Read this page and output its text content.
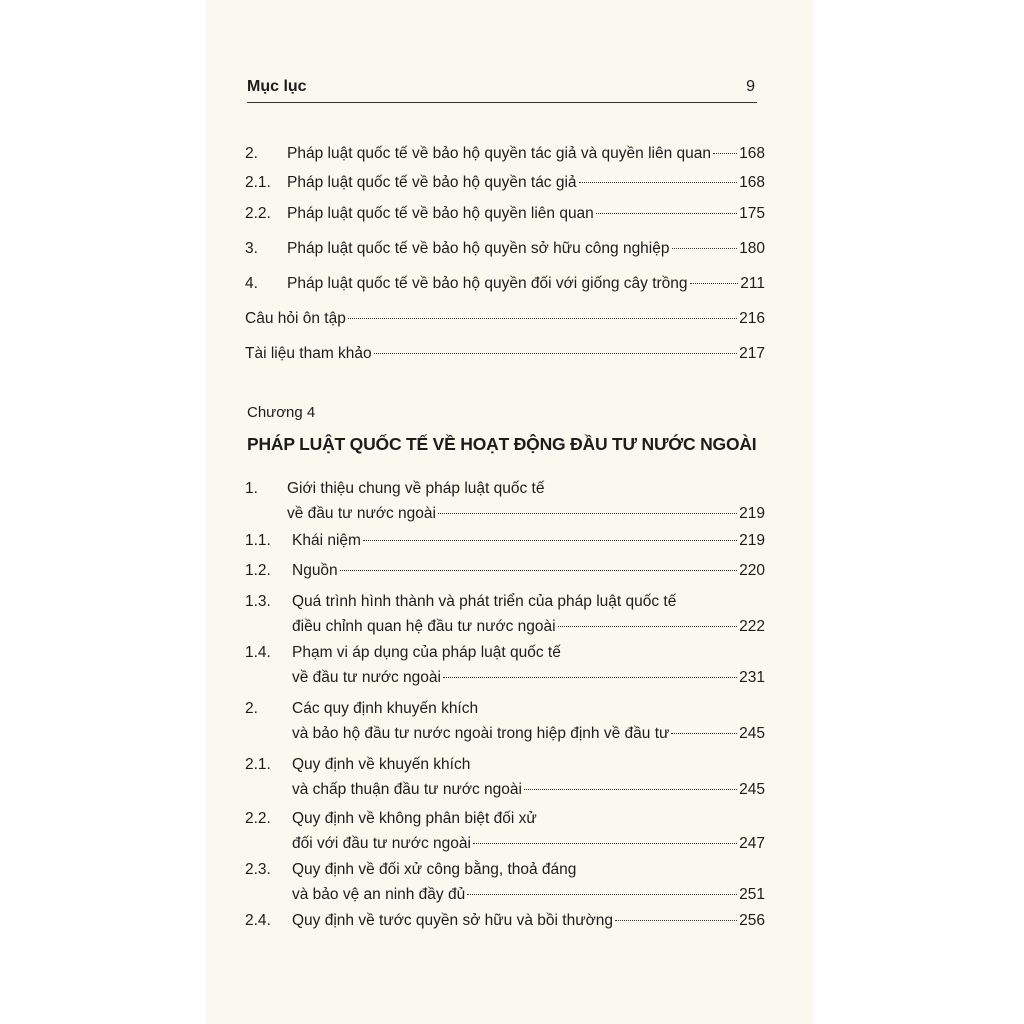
Mục lục	9
Chương 4
PHÁP LUẬT QUỐC TẾ VỀ HOẠT ĐỘNG ĐẦU TƯ NƯỚC NGOÀI
2. Pháp luật quốc tế về bảo hộ quyền tác giả và quyền liên quan 168
2.1. Pháp luật quốc tế về bảo hộ quyền tác giả	168
2.2. Pháp luật quốc tế về bảo hộ quyền liên quan	175
3. Pháp luật quốc tế về bảo hộ quyền sở hữu công nghiệp	180
4. Pháp luật quốc tế về bảo hộ quyền đối với giống cây trồng	211
Câu hỏi ôn tập	216
Tài liệu tham khảo	217
1. Giới thiệu chung về pháp luật quốc tế
về đầu tư nước ngoài	219
1.1. Khái niệm	219
1.2. Nguồn	220
1.3. Quá trình hình thành và phát triển của pháp luật quốc tế
điều chỉnh quan hệ đầu tư nước ngoài	222
1.4. Phạm vi áp dụng của pháp luật quốc tế
về đầu tư nước ngoài	231
2. Các quy định khuyến khích
và bảo hộ đầu tư nước ngoài trong hiệp định về đầu tư	245
2.1. Quy định về khuyến khích
và chấp thuận đầu tư nước ngoài	245
2.2. Quy định về không phân biệt đối xử
đối với đầu tư nước ngoài	247
2.3. Quy định về đối xử công bằng, thoả đáng
và bảo vệ an ninh đầy đủ	251
2.4. Quy định về tước quyền sở hữu và bồi thường	256
